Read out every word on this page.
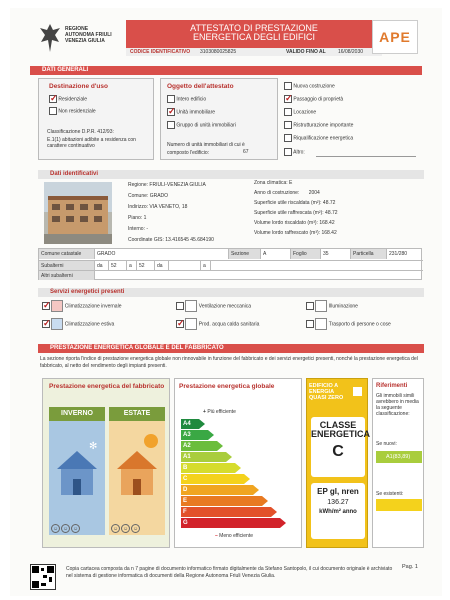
REGIONE AUTONOMA FRIULI VENEZIA GIULIA
ATTESTATO DI PRESTAZIONE
ENERGETICA DEGLI EDIFICI
CODICE IDENTIFICATIVO 3103080025825	VALIDO FINO AL 16/08/2030
APE
DATI GENERALI
Destinazione d'uso
✓ Residenziale
Non residenziale
Classificazione D.P.R. 412/93:
E.1(1) abitazioni adibite a residenza con carattere continuativo
Oggetto dell'attestato
Intero edificio
✓ Unità immobiliare
Gruppo di unità immobiliari
Numero di unità immobiliari di cui è composto l'edificio:	67
Nuova costruzione
✓ Passaggio di proprietà
Locazione
Ristrutturazione importante
Riqualificazione energetica
Altro:
Dati identificativi
Regione: FRIULI-VENEZIA GIULIA
Comune: GRADO
Indirizzo: VIA VENETO, 18
Piano: 1
Interno: -
Coordinate GIS: 13.416545 45.684190
Zona climatica: E
Anno di costruzione: 2004
Superficie utile riscaldata (m²): 48.72
Superficie utile raffrescata (m²): 48.72
Volume lordo riscaldato (m³): 168.42
Volume lordo raffrescato (m³): 168.42
Comune catastale	GRADO	Sezione	A	Foglio	35	Particella	231/280
Subalterni	da	52	a	52	da	a
Altri subalterni
Servizi energetici presenti
✓  Climatizzazione invernale
✓  Climatizzazione estiva
Ventilazione meccanica
✓  Prod. acqua calda sanitaria
Illuminazione
Trasporto di persone o cose
PRESTAZIONE ENERGETICA GLOBALE E DEL FABBRICATO
La sezione riporta l'indice di prestazione energetica globale non rinnovabile in funzione del fabbricato e dei servizi energetici presenti, nonché la prestazione energetica del fabbricato, al netto del rendimento degli impianti presenti.
Prestazione energetica del fabbricato
INVERNO
✻
☺ ☺ ☺
ESTATE
☺ ☺ ☺
Prestazione energetica globale
+ Più efficiente
A4
A3
A2
A1
B
C
D
E
F
G
– Meno efficiente
EDIFICIO A ENERGIA QUASI ZERO
CLASSE ENERGETICA
C
EP gl, nren
136.27
kWh/m² anno
Riferimenti
Gli immobili simili avrebbero in media la seguente classificazione:
Se nuovi:
A1(83,89)
Se esistenti:
Copia cartacea composta da n 7 pagine di documento informatico firmato digitalmente da Stefano Santopolo, il cui documento originale è archiviato nel sistema di gestione informatica di documenti della Regione Autonoma Friuli Venezia Giulia.
Pag. 1
